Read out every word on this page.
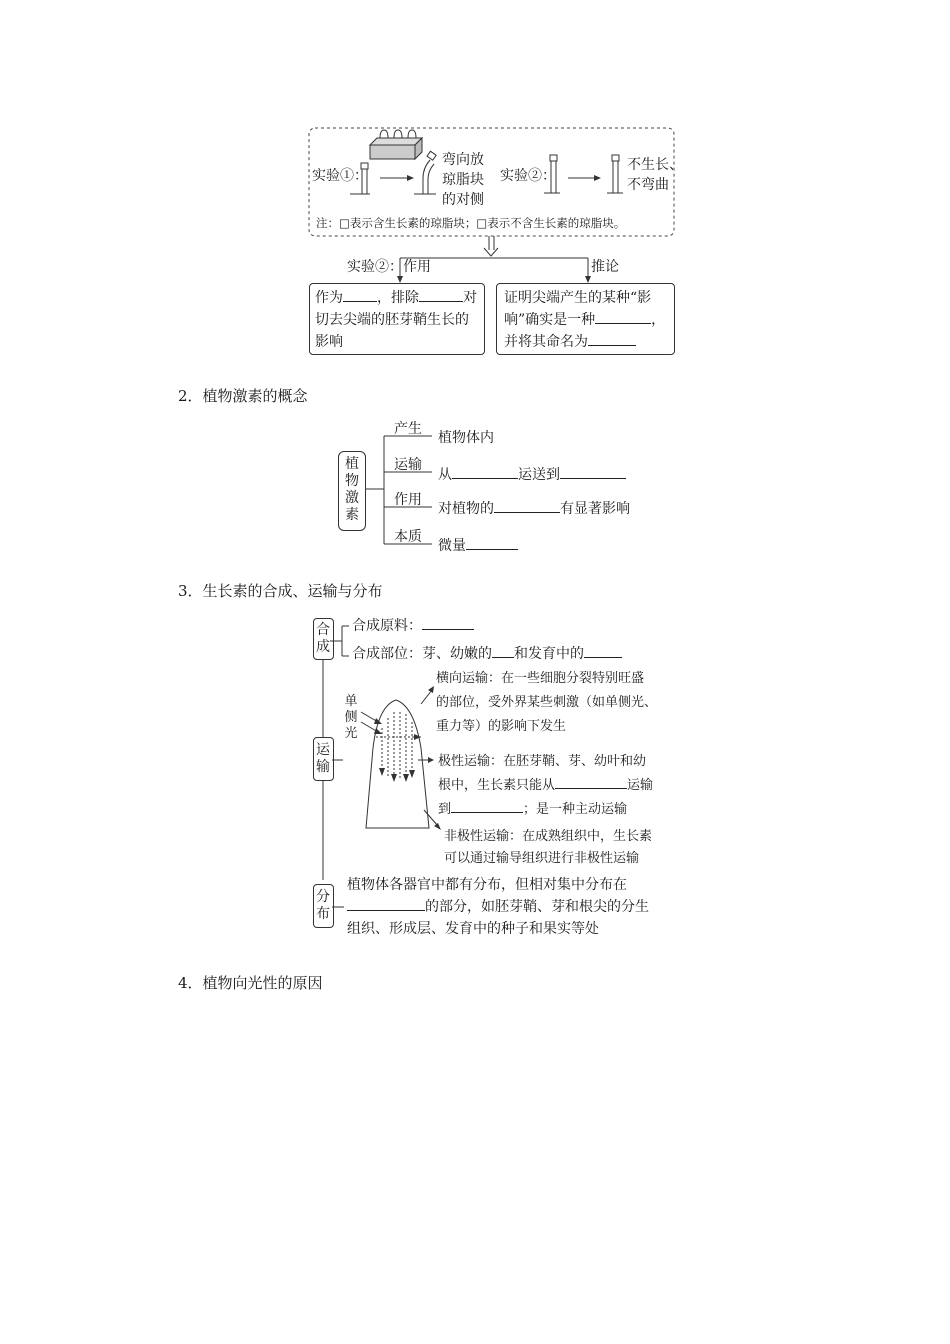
实验①：
弯向放
琼脂块
的对侧
实验②：
不生长、
不弯曲
注：□表示含生长素的琼脂块；□表示不含生长素的琼脂块。
实验②： 作用	推论
作为 ，排除	对
切去尖端的胚芽鞘生长的
影响
证明尖端产生的某种“影
响”确实是一种	，
并将其命名为
2．植物激素的概念
植物激素
产生
植物体内
运输
从	运送到
作用
对植物的	有显著影响
本质
微量
3．生长素的合成、运输与分布
合成
合成原料：
合成部位：芽、幼嫩的 和发育中的
运输
单侧光
横向运输：在一些细胞分裂特别旺盛
的部位，受外界某些刺激（如单侧光、
重力等）的影响下发生
极性运输：在胚芽鞘、芽、幼叶和幼
根中，生长素只能从	运输
到	；是一种主动运输
非极性运输：在成熟组织中，生长素
可以通过输导组织进行非极性运输
分布
植物体各器官中都有分布，但相对集中分布在
的部分，如胚芽鞘、芽和根尖的分生
组织、形成层、发育中的种子和果实等处
4．植物向光性的原因
